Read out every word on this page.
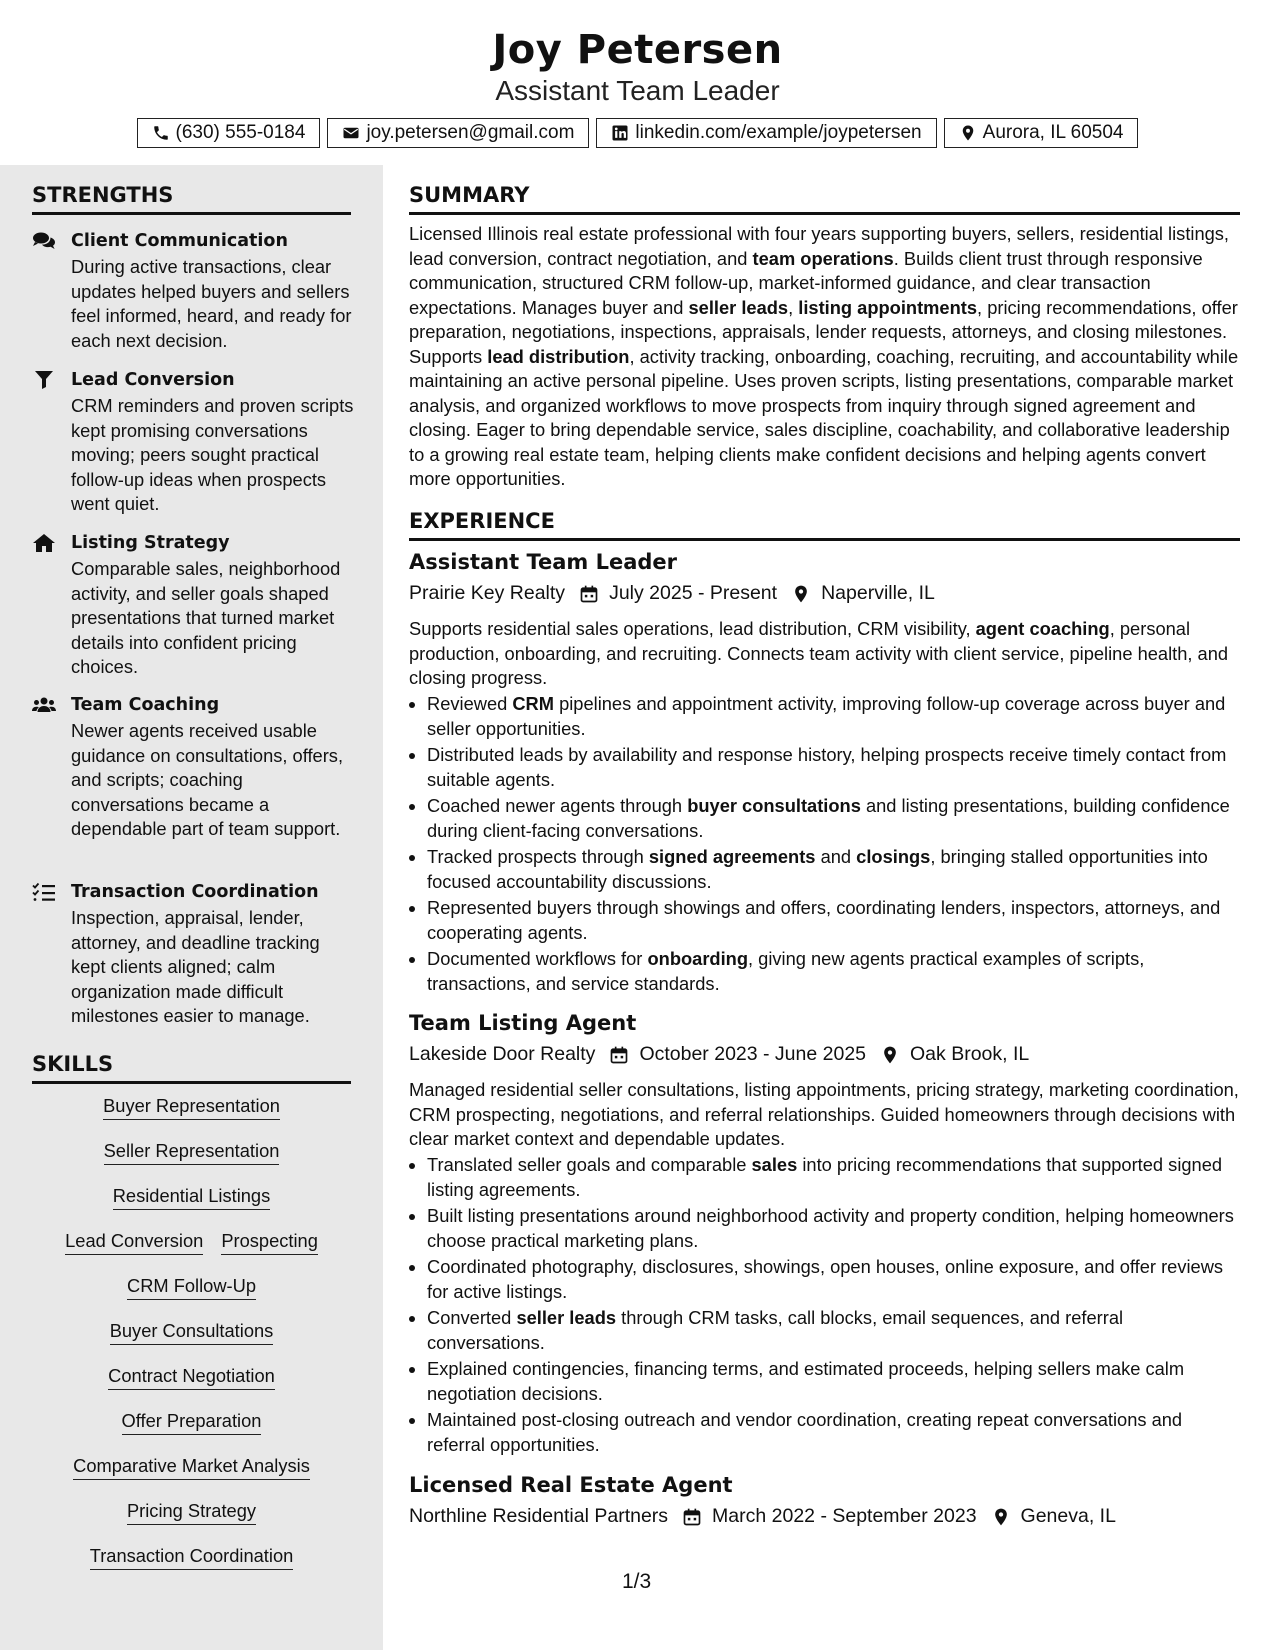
Joy Petersen
Assistant Team Leader
(630) 555-0184	joy.petersen@gmail.com	linkedin.com/example/joypetersen	Aurora, IL 60504
STRENGTHS
Client Communication
During active transactions, clear updates helped buyers and sellers feel informed, heard, and ready for each next decision.
Lead Conversion
CRM reminders and proven scripts kept promising conversations moving; peers sought practical follow-up ideas when prospects went quiet.
Listing Strategy
Comparable sales, neighborhood activity, and seller goals shaped presentations that turned market details into confident pricing choices.
Team Coaching
Newer agents received usable guidance on consultations, offers, and scripts; coaching conversations became a dependable part of team support.
Transaction Coordination
Inspection, appraisal, lender, attorney, and deadline tracking kept clients aligned; calm organization made difficult milestones easier to manage.
SKILLS
Buyer Representation
Seller Representation
Residential Listings
Lead Conversion Prospecting
CRM Follow-Up
Buyer Consultations
Contract Negotiation
Offer Preparation
Comparative Market Analysis
Pricing Strategy
Transaction Coordination
SUMMARY
Licensed Illinois real estate professional with four years supporting buyers, sellers, residential listings, lead conversion, contract negotiation, and team operations. Builds client trust through responsive communication, structured CRM follow-up, market-informed guidance, and clear transaction expectations. Manages buyer and seller leads, listing appointments, pricing recommendations, offer preparation, negotiations, inspections, appraisals, lender requests, attorneys, and closing milestones. Supports lead distribution, activity tracking, onboarding, coaching, recruiting, and accountability while maintaining an active personal pipeline. Uses proven scripts, listing presentations, comparable market analysis, and organized workflows to move prospects from inquiry through signed agreement and closing. Eager to bring dependable service, sales discipline, coachability, and collaborative leadership to a growing real estate team, helping clients make confident decisions and helping agents convert more opportunities.
EXPERIENCE
Assistant Team Leader
Prairie Key Realty July 2025 - Present Naperville, IL
Supports residential sales operations, lead distribution, CRM visibility, agent coaching, personal production, onboarding, and recruiting. Connects team activity with client service, pipeline health, and closing progress.
• Reviewed CRM pipelines and appointment activity, improving follow-up coverage across buyer and seller opportunities.
• Distributed leads by availability and response history, helping prospects receive timely contact from suitable agents.
• Coached newer agents through buyer consultations and listing presentations, building confidence during client-facing conversations.
• Tracked prospects through signed agreements and closings, bringing stalled opportunities into focused accountability discussions.
• Represented buyers through showings and offers, coordinating lenders, inspectors, attorneys, and cooperating agents.
• Documented workflows for onboarding, giving new agents practical examples of scripts, transactions, and service standards.
Team Listing Agent
Lakeside Door Realty October 2023 - June 2025 Oak Brook, IL
Managed residential seller consultations, listing appointments, pricing strategy, marketing coordination, CRM prospecting, negotiations, and referral relationships. Guided homeowners through decisions with clear market context and dependable updates.
• Translated seller goals and comparable sales into pricing recommendations that supported signed listing agreements.
• Built listing presentations around neighborhood activity and property condition, helping homeowners choose practical marketing plans.
• Coordinated photography, disclosures, showings, open houses, online exposure, and offer reviews for active listings.
• Converted seller leads through CRM tasks, call blocks, email sequences, and referral conversations.
• Explained contingencies, financing terms, and estimated proceeds, helping sellers make calm negotiation decisions.
• Maintained post-closing outreach and vendor coordination, creating repeat conversations and referral opportunities.
Licensed Real Estate Agent
Northline Residential Partners March 2022 - September 2023 Geneva, IL
1/3
